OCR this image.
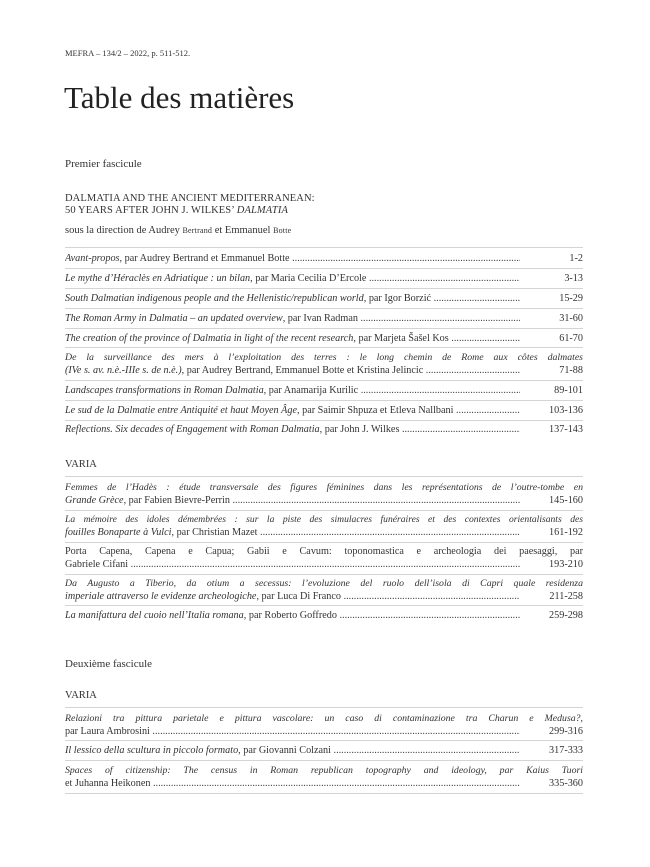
MEFRA – 134/2 – 2022, p. 511-512.
Table des matières
Premier fascicule
DALMATIA AND THE ANCIENT MEDITERRANEAN:
50 YEARS AFTER JOHN J. WILKES’ DALMATIA
sous la direction de Audrey Bertrand et Emmanuel Botte
Avant-propos, par Audrey Bertrand et Emmanuel Botte .....	1-2
Le mythe d’Héraclès en Adriatique : un bilan, par Maria Cecilia D’Ercole .....	3-13
South Dalmatian indigenous people and the Hellenistic/republican world, par Igor Borzić .....	15-29
The Roman Army in Dalmatia – an updated overview, par Ivan Radman .....	31-60
The creation of the province of Dalmatia in light of the recent research, par Marjeta Šašel Kos .....	61-70
De la surveillance des mers à l’exploitation des terres : le long chemin de Rome aux côtes dalmates
(IVe s. av. n.è.-IIIe s. de n.è.), par Audrey Bertrand, Emmanuel Botte et Kristina Jelincic .....	71-88
Landscapes transformations in Roman Dalmatia, par Anamarija Kurilic .....	89-101
Le sud de la Dalmatie entre Antiquité et haut Moyen Âge, par Saimir Shpuza et Etleva Nallbani .....	103-136
Reflections. Six decades of Engagement with Roman Dalmatia, par John J. Wilkes .....	137-143
VARIA
Femmes de l’Hadès : étude transversale des figures féminines dans les représentations de l’outre-tombe en
Grande Grèce, par Fabien Bievre-Perrin .....	145-160
La mémoire des idoles démembrées : sur la piste des simulacres funéraires et des contextes orientalisants des
fouilles Bonaparte à Vulci, par Christian Mazet .....	161-192
Porta Capena, Capena e Capua; Gabii e Cavum: toponomastica e archeologia dei paesaggi, par
Gabriele Cifani .....	193-210
Da Augusto a Tiberio, da otium a secessus: l’evoluzione del ruolo dell’isola di Capri quale residenza
imperiale attraverso le evidenze archeologiche, par Luca Di Franco .....	211-258
La manifattura del cuoio nell’Italia romana, par Roberto Goffredo .....	259-298
Deuxième fascicule
VARIA
Relazioni tra pittura parietale e pittura vascolare: un caso di contaminazione tra Charun e Medusa?,
par Laura Ambrosini .....	299-316
Il lessico della scultura in piccolo formato, par Giovanni Colzani .....	317-333
Spaces of citizenship: The census in Roman republican topography and ideology, par Kaius Tuori
et Juhanna Heikonen .....	335-360
